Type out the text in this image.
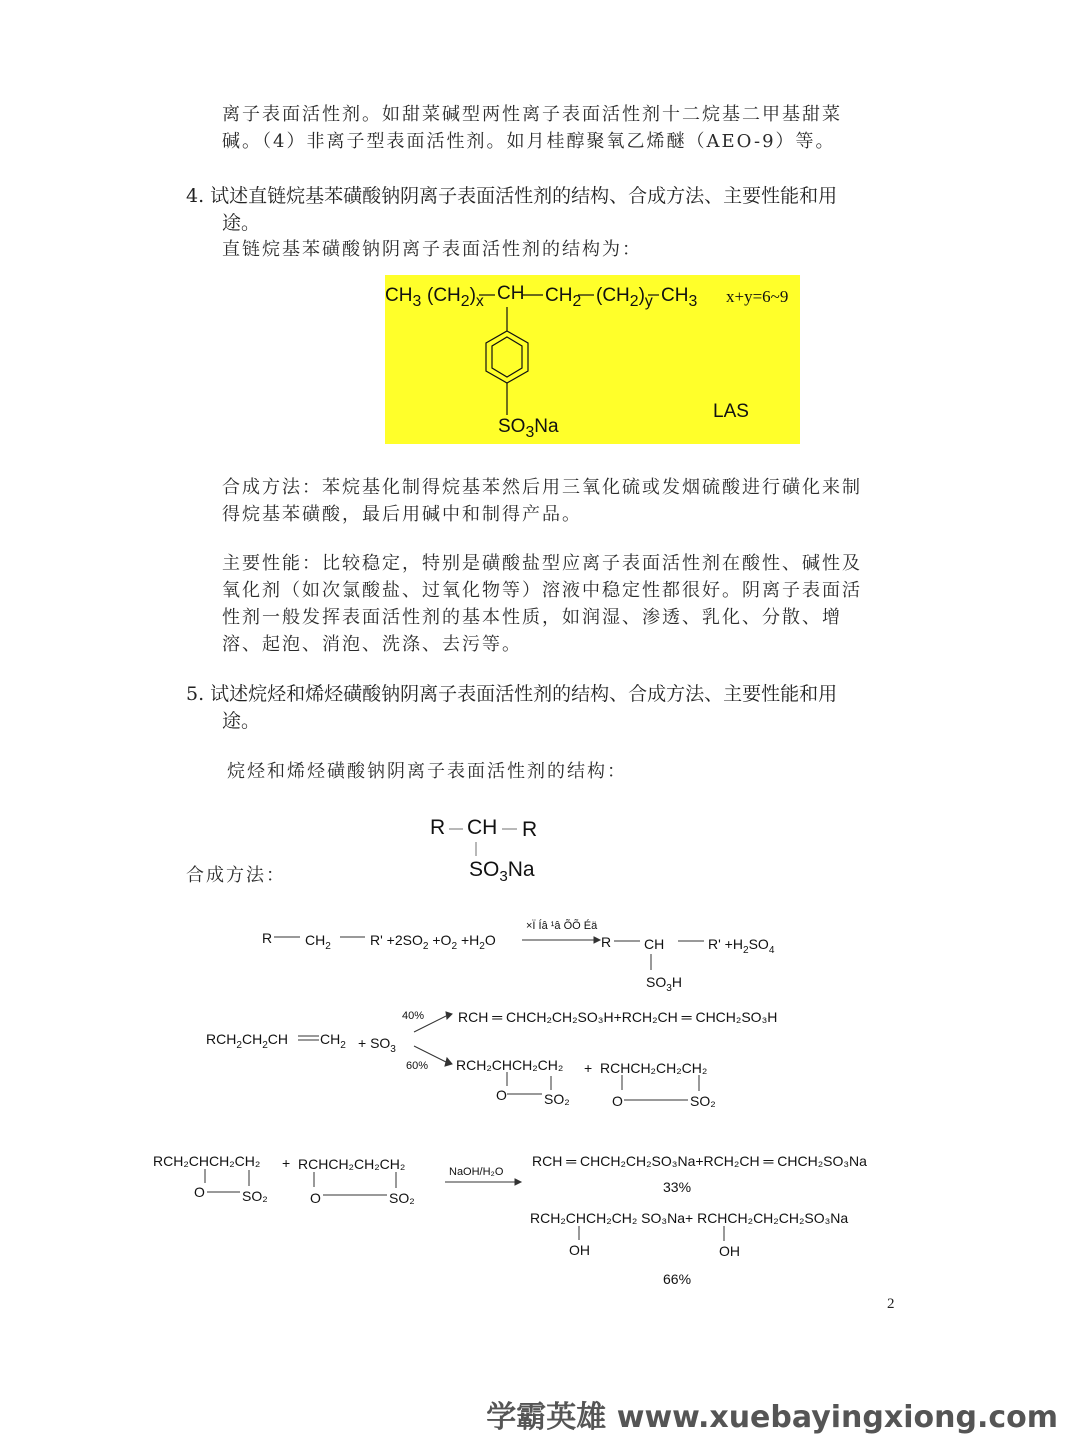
离子表面活性剂。如甜菜碱型两性离子表面活性剂十二烷基二甲基甜菜
碱。（4）非离子型表面活性剂。如月桂醇聚氧乙烯醚（AEO-9）等。
4. 试述直链烷基苯磺酸钠阴离子表面活性剂的结构、合成方法、主要性能和用
途。
直链烷基苯磺酸钠阴离子表面活性剂的结构为：
$CH_3$ $(CH_2)_x$ CH $CH_2$ $(CH_2)_y$ $CH_3$ x+y=6~9
LAS
$SO_3Na$
合成方法：苯烷基化制得烷基苯然后用三氧化硫或发烟硫酸进行磺化来制
得烷基苯磺酸，最后用碱中和制得产品。
主要性能：比较稳定，特别是磺酸盐型应离子表面活性剂在酸性、碱性及
氧化剂（如次氯酸盐、过氧化物等）溶液中稳定性都很好。阴离子表面活
性剂一般发挥表面活性剂的基本性质，如润湿、渗透、乳化、分散、增
溶、起泡、消泡、洗涤、去污等。
5. 试述烷烃和烯烃磺酸钠阴离子表面活性剂的结构、合成方法、主要性能和用
途。
烷烃和烯烃磺酸钠阴离子表面活性剂的结构：
R CH R
$SO_3Na$
合成方法：
R $CH_2$	$R' +2SO_2 +O_2 +H_2O$
×Ï Íâ ¹â ÕÕ Éä
R CH	$R' +H_2SO_4$
$SO_3H$
$RCH_2CH_2CH$ $CH_2 + SO_3$
40%
60%
RCH ═ CHCH₂CH₂SO₃H+RCH₂CH ═ CHCH₂SO₃H
RCH₂CHCH₂CH₂
O	SO₂
+ RCHCH₂CH₂CH₂
O	SO₂
RCH₂CHCH₂CH₂
O	SO₂
+ RCHCH₂CH₂CH₂
O	SO₂
NaOH/H₂O
RCH ═ CHCH₂CH₂SO₃Na+RCH₂CH ═ CHCH₂SO₃Na
33%
RCH₂CHCH₂CH₂ SO₃Na+ RCHCH₂CH₂CH₂SO₃Na
OH	OH
66%
2
学霸英雄 www.xuebayingxiong.com
